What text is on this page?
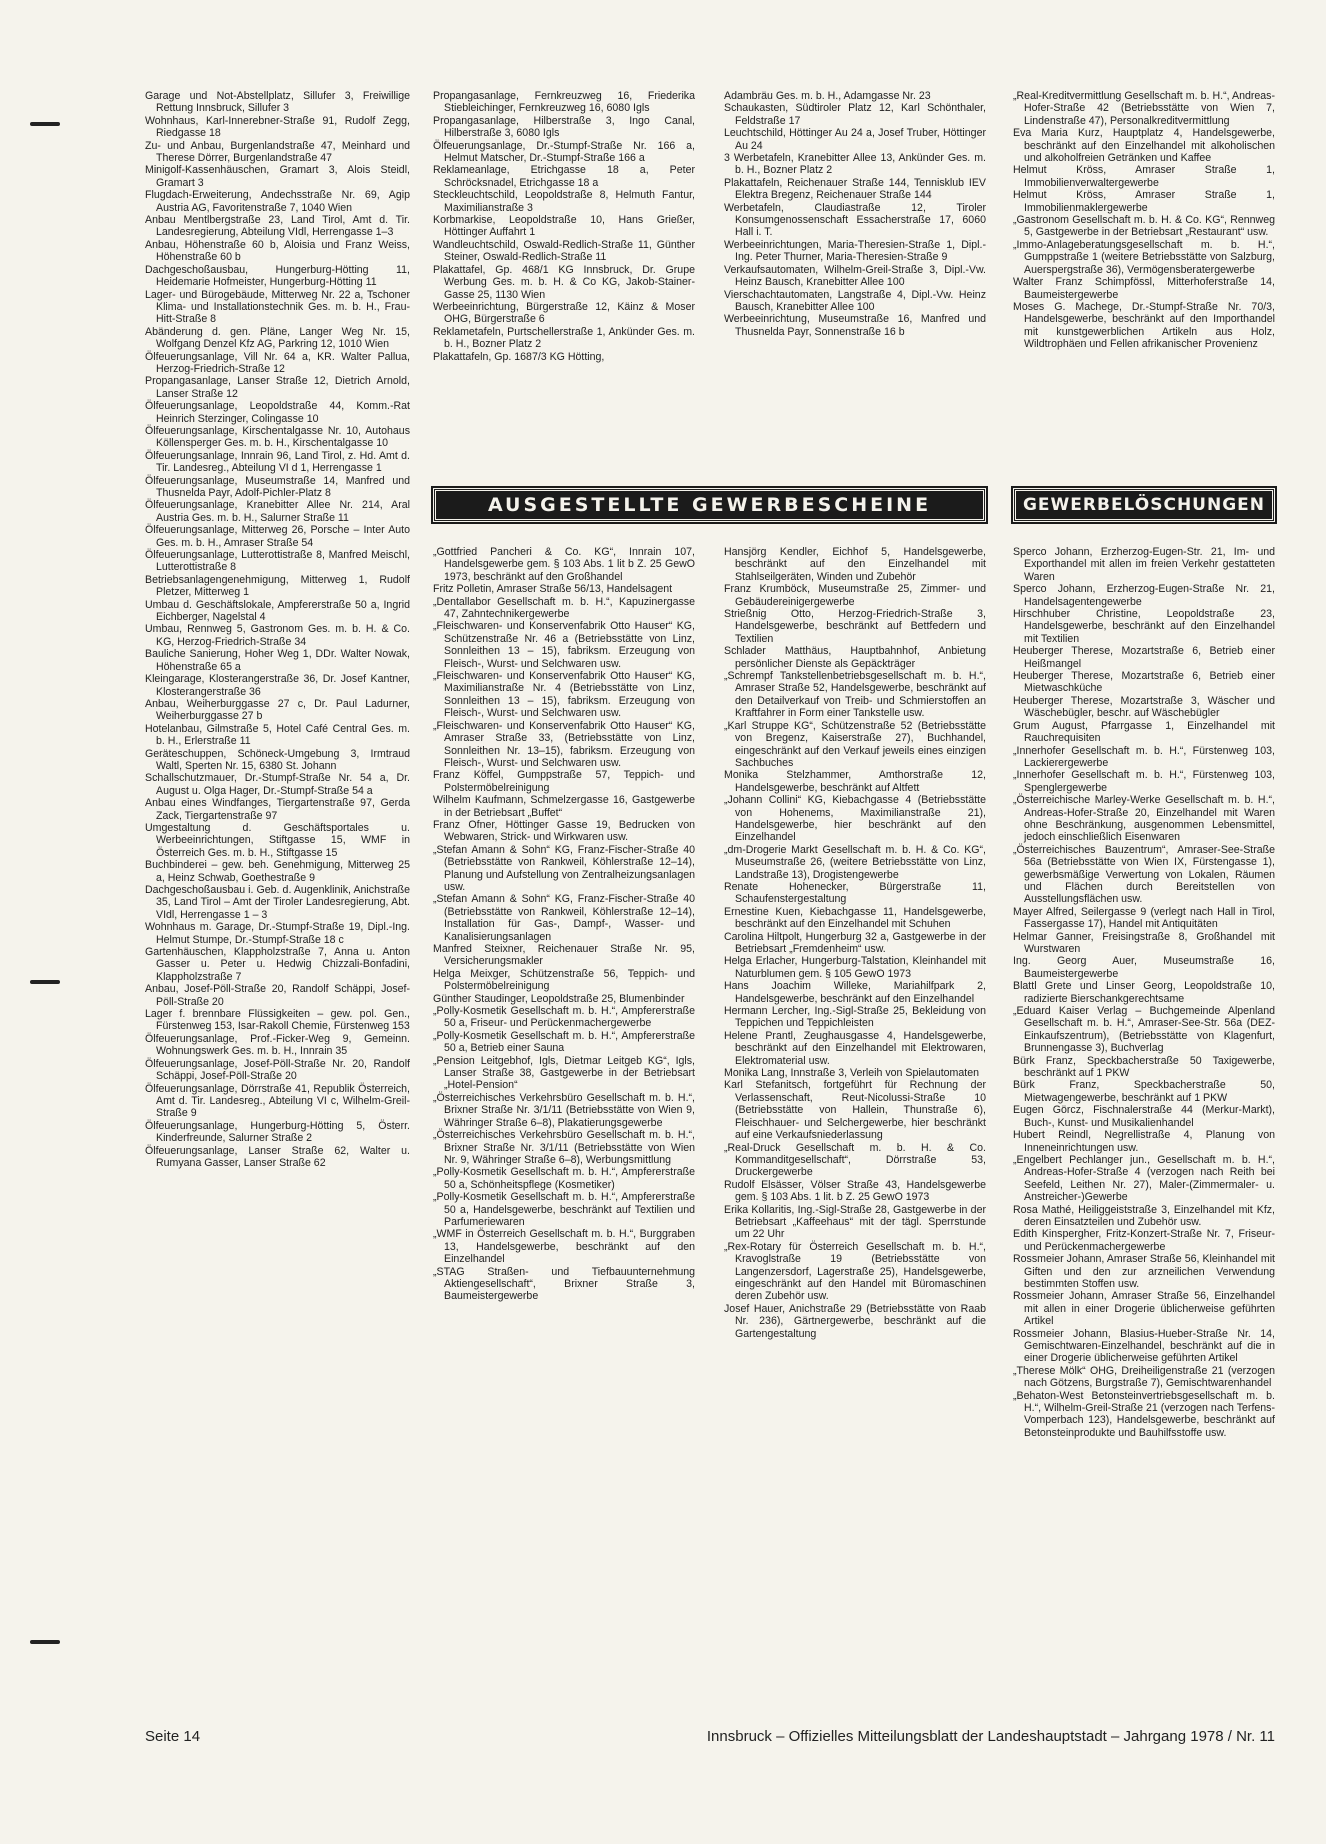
Garage und Not-Abstellplatz, Sillufer 3, Freiwillige Rettung Innsbruck, Sillufer 3

Wohnhaus, Karl-Innerebner-Straße 91, Rudolf Zegg, Riedgasse 18

Zu- und Anbau, Burgenlandstraße 47, Meinhard und Therese Dörrer, Burgenlandstraße 47

Minigolf-Kassenhäuschen, Gramart 3, Alois Steidl, Gramart 3

Flugdach-Erweiterung, Andechsstraße Nr. 69, Agip Austria AG, Favoritenstraße 7, 1040 Wien

Anbau Mentlbergstraße 23, Land Tirol, Amt d. Tir. Landesregierung, Abteilung VIdl, Herrengasse 1–3

Anbau, Höhenstraße 60 b, Aloisia und Franz Weiss, Höhenstraße 60 b

Dachgeschoßausbau, Hungerburg-Hötting 11, Heidemarie Hofmeister, Hungerburg-Hötting 11

Lager- und Bürogebäude, Mitterweg Nr. 22 a, Tschoner Klima- und Installationstechnik Ges. m. b. H., Frau-Hitt-Straße 8

Abänderung d. gen. Pläne, Langer Weg Nr. 15, Wolfgang Denzel Kfz AG, Parkring 12, 1010 Wien

Ölfeuerungsanlage, Vill Nr. 64 a, KR. Walter Pallua, Herzog-Friedrich-Straße 12

Propangasanlage, Lanser Straße 12, Dietrich Arnold, Lanser Straße 12

Ölfeuerungsanlage, Leopoldstraße 44, Komm.-Rat Heinrich Sterzinger, Colingasse 10

Ölfeuerungsanlage, Kirschentalgasse Nr. 10, Autohaus Köllensperger Ges. m. b. H., Kirschentalgasse 10

Ölfeuerungsanlage, Innrain 96, Land Tirol, z. Hd. Amt d. Tir. Landesreg., Abteilung VI d 1, Herrengasse 1

Ölfeuerungsanlage, Museumstraße 14, Manfred und Thusnelda Payr, Adolf-Pichler-Platz 8

Ölfeuerungsanlage, Kranebitter Allee Nr. 214, Aral Austria Ges. m. b. H., Salurner Straße 11

Ölfeuerungsanlage, Mitterweg 26, Porsche – Inter Auto Ges. m. b. H., Amraser Straße 54

Ölfeuerungsanlage, Lutterottistraße 8, Manfred Meischl, Lutterottistraße 8

Betriebsanlagengenehmigung, Mitterweg 1, Rudolf Pletzer, Mitterweg 1

Umbau d. Geschäftslokale, Ampfererstraße 50 a, Ingrid Eichberger, Nagelstal 4

Umbau, Rennweg 5, Gastronom Ges. m. b. H. & Co. KG, Herzog-Friedrich-Straße 34

Bauliche Sanierung, Hoher Weg 1, DDr. Walter Nowak, Höhenstraße 65 a

Kleingarage, Klosterangerstraße 36, Dr. Josef Kantner, Klosterangerstraße 36

Anbau, Weiherburggasse 27 c, Dr. Paul Ladurner, Weiherburggasse 27 b

Hotelanbau, Gilmstraße 5, Hotel Café Central Ges. m. b. H., Erlerstraße 11

Geräteschuppen, Schöneck-Umgebung 3, Irmtraud Waltl, Sperten Nr. 15, 6380 St. Johann

Schallschutzmauer, Dr.-Stumpf-Straße Nr. 54 a, Dr. August u. Olga Hager, Dr.-Stumpf-Straße 54 a

Anbau eines Windfanges, Tiergartenstraße 97, Gerda Zack, Tiergartenstraße 97

Umgestaltung d. Geschäftsportales u. Werbeeinrichtungen, Stiftgasse 15, WMF in Österreich Ges. m. b. H., Stiftgasse 15

Buchbinderei – gew. beh. Genehmigung, Mitterweg 25 a, Heinz Schwab, Goethestraße 9

Dachgeschoßausbau i. Geb. d. Augenklinik, Anichstraße 35, Land Tirol – Amt der Tiroler Landesregierung, Abt. VIdl, Herrengasse 1 – 3

Wohnhaus m. Garage, Dr.-Stumpf-Straße 19, Dipl.-Ing. Helmut Stumpe, Dr.-Stumpf-Straße 18 c

Gartenhäuschen, Klappholzstraße 7, Anna u. Anton Gasser u. Peter u. Hedwig Chizzali-Bonfadini, Klappholzstraße 7

Anbau, Josef-Pöll-Straße 20, Randolf Schäppi, Josef-Pöll-Straße 20

Lager f. brennbare Flüssigkeiten – gew. pol. Gen., Fürstenweg 153, Isar-Rakoll Chemie, Fürstenweg 153

Ölfeuerungsanlage, Prof.-Ficker-Weg 9, Gemeinn. Wohnungswerk Ges. m. b. H., Innrain 35

Ölfeuerungsanlage, Josef-Pöll-Straße Nr. 20, Randolf Schäppi, Josef-Pöll-Straße 20

Ölfeuerungsanlage, Dörrstraße 41, Republik Österreich, Amt d. Tir. Landesreg., Abteilung VI c, Wilhelm-Greil-Straße 9

Ölfeuerungsanlage, Hungerburg-Hötting 5, Österr. Kinderfreunde, Salurner Straße 2

Ölfeuerungsanlage, Lanser Straße 62, Walter u. Rumyana Gasser, Lanser Straße 62

Propangasanlage, Fernkreuzweg 16, Friederika Stiebleichinger, Fernkreuzweg 16, 6080 Igls

Propangasanlage, Hilberstraße 3, Ingo Canal, Hilberstraße 3, 6080 Igls

Ölfeuerungsanlage, Dr.-Stumpf-Straße Nr. 166 a, Helmut Matscher, Dr.-Stumpf-Straße 166 a

Reklameanlage, Etrichgasse 18 a, Peter Schröcksnadel, Etrichgasse 18 a

Steckleuchtschild, Leopoldstraße 8, Helmuth Fantur, Maximilianstraße 3

Korbmarkise, Leopoldstraße 10, Hans Grießer, Höttinger Auffahrt 1

Wandleuchtschild, Oswald-Redlich-Straße 11, Günther Steiner, Oswald-Redlich-Straße 11

Plakattafel, Gp. 468/1 KG Innsbruck, Dr. Grupe Werbung Ges. m. b. H. & Co KG, Jakob-Stainer-Gasse 25, 1130 Wien

Werbeeinrichtung, Bürgerstraße 12, Käinz & Moser OHG, Bürgerstraße 6

Reklametafeln, Purtschellerstraße 1, Ankünder Ges. m. b. H., Bozner Platz 2

Plakattafeln, Gp. 1687/3 KG Hötting,

Adambräu Ges. m. b. H., Adamgasse Nr. 23

Schaukasten, Südtiroler Platz 12, Karl Schönthaler, Feldstraße 17

Leuchtschild, Höttinger Au 24 a, Josef Truber, Höttinger Au 24

3 Werbetafeln, Kranebitter Allee 13, Ankünder Ges. m. b. H., Bozner Platz 2

Plakattafeln, Reichenauer Straße 144, Tennisklub IEV Elektra Bregenz, Reichenauer Straße 144

Werbetafeln, Claudiastraße 12, Tiroler Konsumgenossenschaft Essacherstraße 17, 6060 Hall i. T.

Werbeeinrichtungen, Maria-Theresien-Straße 1, Dipl.-Ing. Peter Thurner, Maria-Theresien-Straße 9

Verkaufsautomaten, Wilhelm-Greil-Straße 3, Dipl.-Vw. Heinz Bausch, Kranebitter Allee 100

Vierschachtautomaten, Langstraße 4, Dipl.-Vw. Heinz Bausch, Kranebitter Allee 100

Werbeeinrichtung, Museumstraße 16, Manfred und Thusnelda Payr, Sonnenstraße 16 b

„Real-Kreditvermittlung Gesellschaft m. b. H.“, Andreas-Hofer-Straße 42 (Betriebsstätte von Wien 7, Lindenstraße 47), Personalkreditvermittlung

Eva Maria Kurz, Hauptplatz 4, Handelsgewerbe, beschränkt auf den Einzelhandel mit alkoholischen und alkoholfreien Getränken und Kaffee

Helmut Kröss, Amraser Straße 1, Immobilienverwaltergewerbe

Helmut Kröss, Amraser Straße 1, Immobilienmaklergewerbe

„Gastronom Gesellschaft m. b. H. & Co. KG“, Rennweg 5, Gastgewerbe in der Betriebsart „Restaurant“ usw.

„Immo-Anlageberatungsgesellschaft m. b. H.“, Gumppstraße 1 (weitere Betriebsstätte von Salzburg, Auerspergstraße 36), Vermögensberatergewerbe

Walter Franz Schimpfössl, Mitterhoferstraße 14, Baumeistergewerbe

Moses G. Machege, Dr.-Stumpf-Straße Nr. 70/3, Handelsgewerbe, beschränkt auf den Importhandel mit kunstgewerblichen Artikeln aus Holz, Wildtrophäen und Fellen afrikanischer Provenienz

AUSGESTELLTE GEWERBESCHEINE	GEWERBELÖSCHUNGEN

„Gottfried Pancheri & Co. KG“, Innrain 107, Handelsgewerbe gem. § 103 Abs. 1 lit b Z. 25 GewO 1973, beschränkt auf den Großhandel

Fritz Polletin, Amraser Straße 56/13, Handelsagent

„Dentallabor Gesellschaft m. b. H.“, Kapuzinergasse 47, Zahntechnikergewerbe

„Fleischwaren- und Konservenfabrik Otto Hauser“ KG, Schützenstraße Nr. 46 a (Betriebsstätte von Linz, Sonnleithen 13 – 15), fabriksm. Erzeugung von Fleisch-, Wurst- und Selchwaren usw.

„Fleischwaren- und Konservenfabrik Otto Hauser“ KG, Maximilianstraße Nr. 4 (Betriebsstätte von Linz, Sonnleithen 13 – 15), fabriksm. Erzeugung von Fleisch-, Wurst- und Selchwaren usw.

„Fleischwaren- und Konservenfabrik Otto Hauser“ KG, Amraser Straße 33, (Betriebsstätte von Linz, Sonnleithen Nr. 13–15), fabriksm. Erzeugung von Fleisch-, Wurst- und Selchwaren usw.

Franz Köffel, Gumppstraße 57, Teppich- und Polstermöbelreinigung

Wilhelm Kaufmann, Schmelzergasse 16, Gastgewerbe in der Betriebsart „Buffet“

Franz Ofner, Höttinger Gasse 19, Bedrucken von Webwaren, Strick- und Wirkwaren usw.

„Stefan Amann & Sohn“ KG, Franz-Fischer-Straße 40 (Betriebsstätte von Rankweil, Köhlerstraße 12–14), Planung und Aufstellung von Zentralheizungsanlagen usw.

„Stefan Amann & Sohn“ KG, Franz-Fischer-Straße 40 (Betriebsstätte von Rankweil, Köhlerstraße 12–14), Installation für Gas-, Dampf-, Wasser- und Kanalisierungsanlagen

Manfred Steixner, Reichenauer Straße Nr. 95, Versicherungsmakler

Helga Meixger, Schützenstraße 56, Teppich- und Polstermöbelreinigung

Günther Staudinger, Leopoldstraße 25, Blumenbinder

„Polly-Kosmetik Gesellschaft m. b. H.“, Ampfererstraße 50 a, Friseur- und Perückenmachergewerbe

„Polly-Kosmetik Gesellschaft m. b. H.“, Ampfererstraße 50 a, Betrieb einer Sauna

„Pension Leitgebhof, Igls, Dietmar Leitgeb KG“, Igls, Lanser Straße 38, Gastgewerbe in der Betriebsart „Hotel-Pension“

„Österreichisches Verkehrsbüro Gesellschaft m. b. H.“, Brixner Straße Nr. 3/1/11 (Betriebsstätte von Wien 9, Währinger Straße 6–8), Plakatierungsgewerbe

„Österreichisches Verkehrsbüro Gesellschaft m. b. H.“, Brixner Straße Nr. 3/1/11 (Betriebsstätte von Wien Nr. 9, Währinger Straße 6–8), Werbungsmittlung

„Polly-Kosmetik Gesellschaft m. b. H.“, Ampfererstraße 50 a, Schönheitspflege (Kosmetiker)

„Polly-Kosmetik Gesellschaft m. b. H.“, Ampfererstraße 50 a, Handelsgewerbe, beschränkt auf Textilien und Parfumeriewaren

„WMF in Österreich Gesellschaft m. b. H.“, Burggraben 13, Handelsgewerbe, beschränkt auf den Einzelhandel

„STAG Straßen- und Tiefbauunternehmung Aktiengesellschaft“, Brixner Straße 3, Baumeistergewerbe

Hansjörg Kendler, Eichhof 5, Handelsgewerbe, beschränkt auf den Einzelhandel mit Stahlseilgeräten, Winden und Zubehör

Franz Krumböck, Museumstraße 25, Zimmer- und Gebäudereinigergewerbe

Strießnig Otto, Herzog-Friedrich-Straße 3, Handelsgewerbe, beschränkt auf Bettfedern und Textilien

Schlader Matthäus, Hauptbahnhof, Anbietung persönlicher Dienste als Gepäckträger

„Schrempf Tankstellenbetriebsgesellschaft m. b. H.“, Amraser Straße 52, Handelsgewerbe, beschränkt auf den Detailverkauf von Treib- und Schmierstoffen an Kraftfahrer in Form einer Tankstelle usw.

„Karl Struppe KG“, Schützenstraße 52 (Betriebsstätte von Bregenz, Kaiserstraße 27), Buchhandel, eingeschränkt auf den Verkauf jeweils eines einzigen Sachbuches

Monika Stelzhammer, Amthorstraße 12, Handelsgewerbe, beschränkt auf Altfett

„Johann Collini“ KG, Kiebachgasse 4 (Betriebsstätte von Hohenems, Maximilianstraße 21), Handelsgewerbe, hier beschränkt auf den Einzelhandel

„dm-Drogerie Markt Gesellschaft m. b. H. & Co. KG“, Museumstraße 26, (weitere Betriebsstätte von Linz, Landstraße 13), Drogistengewerbe

Renate Hohenecker, Bürgerstraße 11, Schaufenstergestaltung

Ernestine Kuen, Kiebachgasse 11, Handelsgewerbe, beschränkt auf den Einzelhandel mit Schuhen

Carolina Hiltpolt, Hungerburg 32 a, Gastgewerbe in der Betriebsart „Fremdenheim“ usw.

Helga Erlacher, Hungerburg-Talstation, Kleinhandel mit Naturblumen gem. § 105 GewO 1973

Hans Joachim Willeke, Mariahilfpark 2, Handelsgewerbe, beschränkt auf den Einzelhandel

Hermann Lercher, Ing.-Sigl-Straße 25, Bekleidung von Teppichen und Teppichleisten

Helene Prantl, Zeughausgasse 4, Handelsgewerbe, beschränkt auf den Einzelhandel mit Elektrowaren, Elektromaterial usw.

Monika Lang, Innstraße 3, Verleih von Spielautomaten

Karl Stefanitsch, fortgeführt für Rechnung der Verlassenschaft, Reut-Nicolussi-Straße 10 (Betriebsstätte von Hallein, Thunstraße 6), Fleischhauer- und Selchergewerbe, hier beschränkt auf eine Verkaufsniederlassung

„Real-Druck Gesellschaft m. b. H. & Co. Kommanditgesellschaft“, Dörrstraße 53, Druckergewerbe

Rudolf Elsässer, Völser Straße 43, Handelsgewerbe gem. § 103 Abs. 1 lit. b Z. 25 GewO 1973

Erika Kollaritis, Ing.-Sigl-Straße 28, Gastgewerbe in der Betriebsart „Kaffeehaus“ mit der tägl. Sperrstunde um 22 Uhr

„Rex-Rotary für Österreich Gesellschaft m. b. H.“, Kravoglstraße 19 (Betriebsstätte von Langenzersdorf, Lagerstraße 25), Handelsgewerbe, eingeschränkt auf den Handel mit Büromaschinen deren Zubehör usw.

Josef Hauer, Anichstraße 29 (Betriebsstätte von Raab Nr. 236), Gärtnergewerbe, beschränkt auf die Gartengestaltung

Sperco Johann, Erzherzog-Eugen-Str. 21, Im- und Exporthandel mit allen im freien Verkehr gestatteten Waren

Sperco Johann, Erzherzog-Eugen-Straße Nr. 21, Handelsagentengewerbe

Hirschhuber Christine, Leopoldstraße 23, Handelsgewerbe, beschränkt auf den Einzelhandel mit Textilien

Heuberger Therese, Mozartstraße 6, Betrieb einer Heißmangel

Heuberger Therese, Mozartstraße 6, Betrieb einer Mietwaschküche

Heuberger Therese, Mozartstraße 3, Wäscher und Wäschebügler, beschr. auf Wäschebügler

Grum August, Pfarrgasse 1, Einzelhandel mit Rauchrequisiten

„Innerhofer Gesellschaft m. b. H.“, Fürstenweg 103, Lackierergewerbe

„Innerhofer Gesellschaft m. b. H.“, Fürstenweg 103, Spenglergewerbe

„Österreichische Marley-Werke Gesellschaft m. b. H.“, Andreas-Hofer-Straße 20, Einzelhandel mit Waren ohne Beschränkung, ausgenommen Lebensmittel, jedoch einschließlich Eisenwaren

„Österreichisches Bauzentrum“, Amraser-See-Straße 56a (Betriebsstätte von Wien IX, Fürstengasse 1), gewerbsmäßige Verwertung von Lokalen, Räumen und Flächen durch Bereitstellen von Ausstellungsflächen usw.

Mayer Alfred, Seilergasse 9 (verlegt nach Hall in Tirol, Fassergasse 17), Handel mit Antiquitäten

Helmar Ganner, Freisingstraße 8, Großhandel mit Wurstwaren

Ing. Georg Auer, Museumstraße 16, Baumeistergewerbe

Blattl Grete und Linser Georg, Leopoldstraße 10, radizierte Bierschankgerechtsame

„Eduard Kaiser Verlag – Buchgemeinde Alpenland Gesellschaft m. b. H.“, Amraser-See-Str. 56a (DEZ-Einkaufszentrum), (Betriebsstätte von Klagenfurt, Brunnengasse 3), Buchverlag

Bürk Franz, Speckbacherstraße 50 Taxigewerbe, beschränkt auf 1 PKW

Bürk Franz, Speckbacherstraße 50, Mietwagengewerbe, beschränkt auf 1 PKW

Eugen Görcz, Fischnalerstraße 44 (Merkur-Markt), Buch-, Kunst- und Musikalienhandel

Hubert Reindl, Negrellistraße 4, Planung von Inneneinrichtungen usw.

„Engelbert Pechlanger jun., Gesellschaft m. b. H.“, Andreas-Hofer-Straße 4 (verzogen nach Reith bei Seefeld, Leithen Nr. 27), Maler-(Zimmermaler- u. Anstreicher-)Gewerbe

Rosa Mathé, Heiliggeiststraße 3, Einzelhandel mit Kfz, deren Einsatzteilen und Zubehör usw.

Edith Kinspergher, Fritz-Konzert-Straße Nr. 7, Friseur- und Perückenmachergewerbe

Rossmeier Johann, Amraser Straße 56, Kleinhandel mit Giften und den zur arzneilichen Verwendung bestimmten Stoffen usw.

Rossmeier Johann, Amraser Straße 56, Einzelhandel mit allen in einer Drogerie üblicherweise geführten Artikel

Rossmeier Johann, Blasius-Hueber-Straße Nr. 14, Gemischtwaren-Einzelhandel, beschränkt auf die in einer Drogerie üblicherweise geführten Artikel

„Therese Mölk“ OHG, Dreiheiligenstraße 21 (verzogen nach Götzens, Burgstraße 7), Gemischtwarenhandel

„Behaton-West Betonsteinvertriebsgesellschaft m. b. H.“, Wilhelm-Greil-Straße 21 (verzogen nach Terfens-Vomperbach 123), Handelsgewerbe, beschränkt auf Betonsteinprodukte und Bauhilfsstoffe usw.

Seite 14	Innsbruck – Offizielles Mitteilungsblatt der Landeshauptstadt – Jahrgang 1978 / Nr. 11
